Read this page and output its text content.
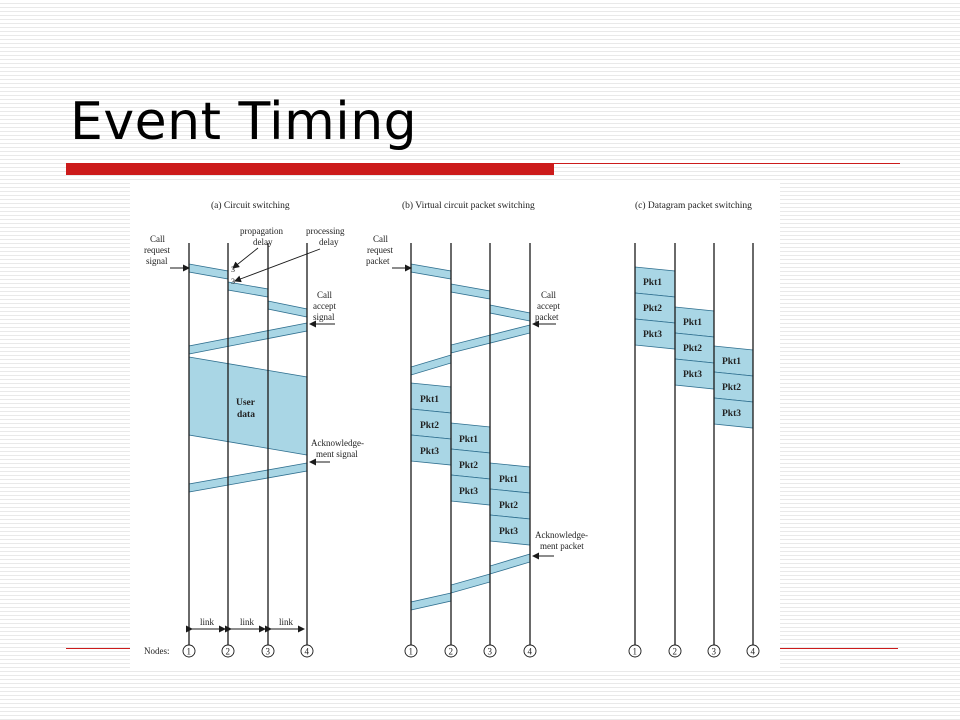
Event Timing
(a) Circuit switching
User
data
Call
request
signal
propagation
delay
3
processing
delay
3
Call
accept
signal
Acknowledge-
ment signal
link	link	link
Nodes: 1	2	3	4
(b) Virtual circuit packet switching
Pkt1
Pkt2
Pkt3
Pkt1
Pkt2
Pkt3
Pkt1
Pkt2
Pkt3
Call
request
packet
Call
accept
packet
Acknowledge-
ment packet
1	2	3	4
(c) Datagram packet switching
Pkt1
Pkt2
Pkt3
Pkt1
Pkt2
Pkt3
Pkt1
Pkt2
Pkt3
1	2	3	4
